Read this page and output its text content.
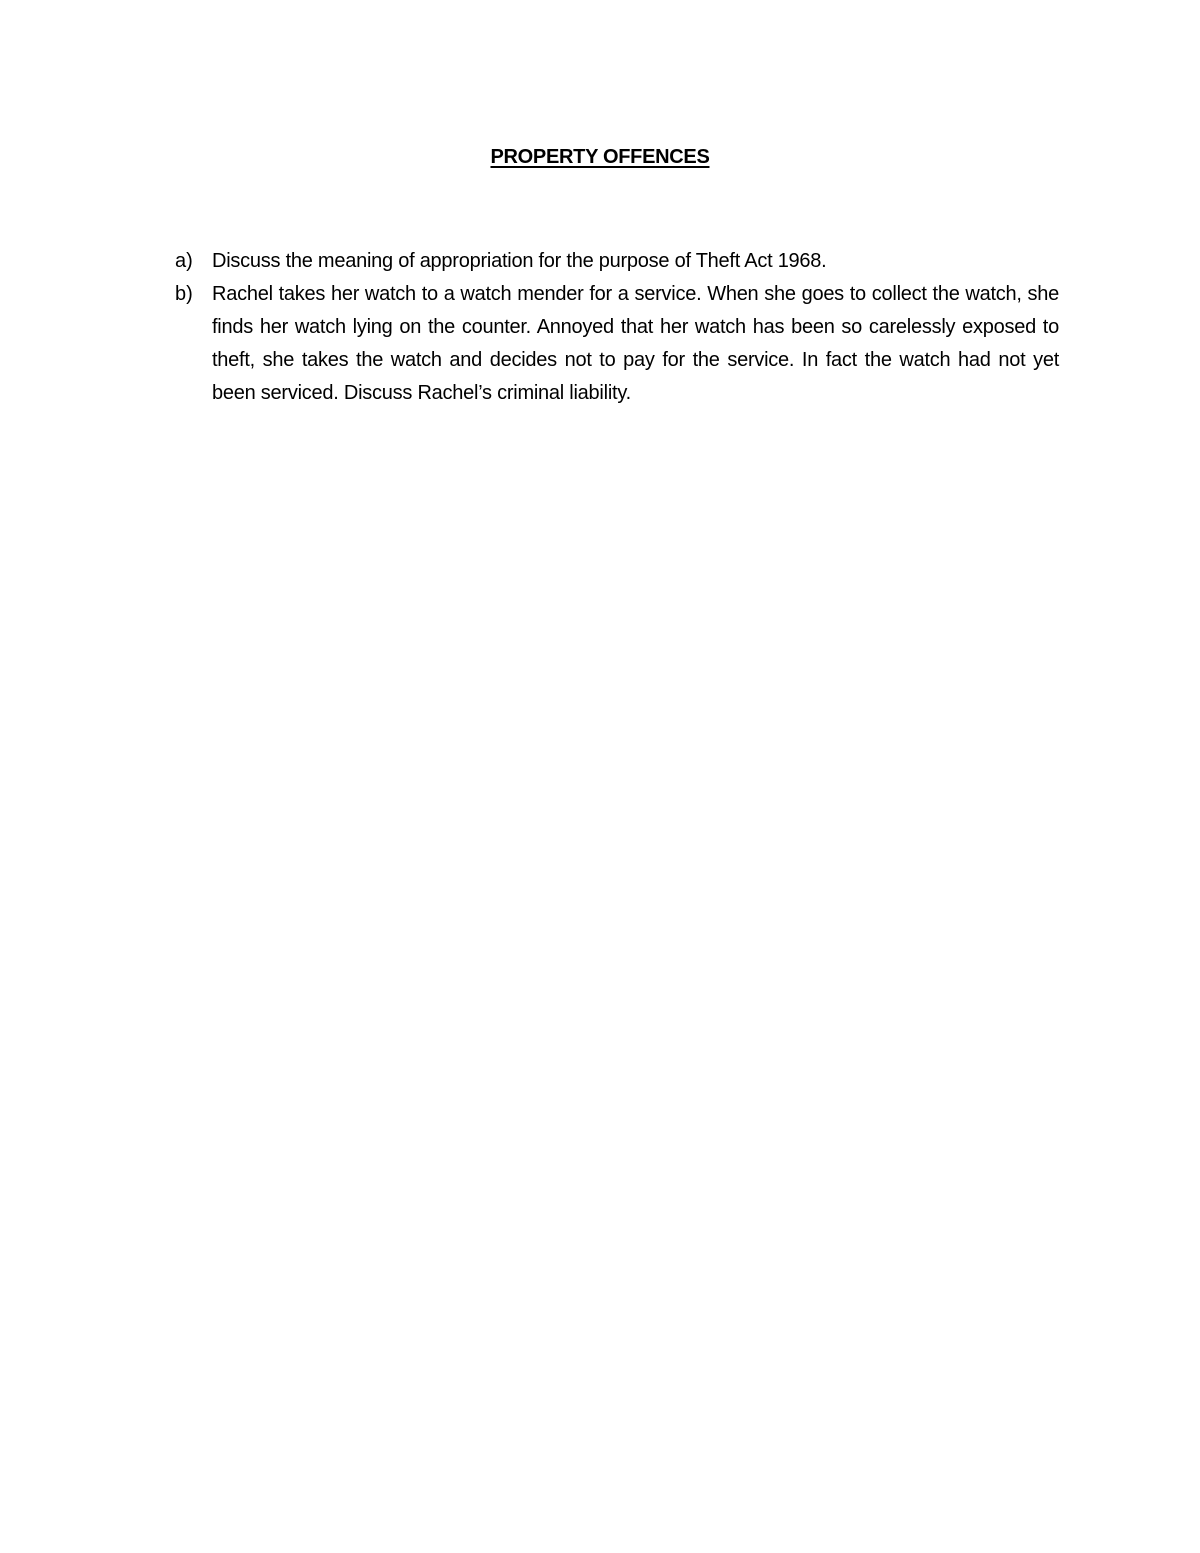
PROPERTY OFFENCES
a) Discuss the meaning of appropriation for the purpose of Theft Act 1968.
b) Rachel takes her watch to a watch mender for a service. When she goes to collect the watch, she finds her watch lying on the counter. Annoyed that her watch has been so carelessly exposed to theft, she takes the watch and decides not to pay for the service. In fact the watch had not yet been serviced. Discuss Rachel’s criminal liability.
